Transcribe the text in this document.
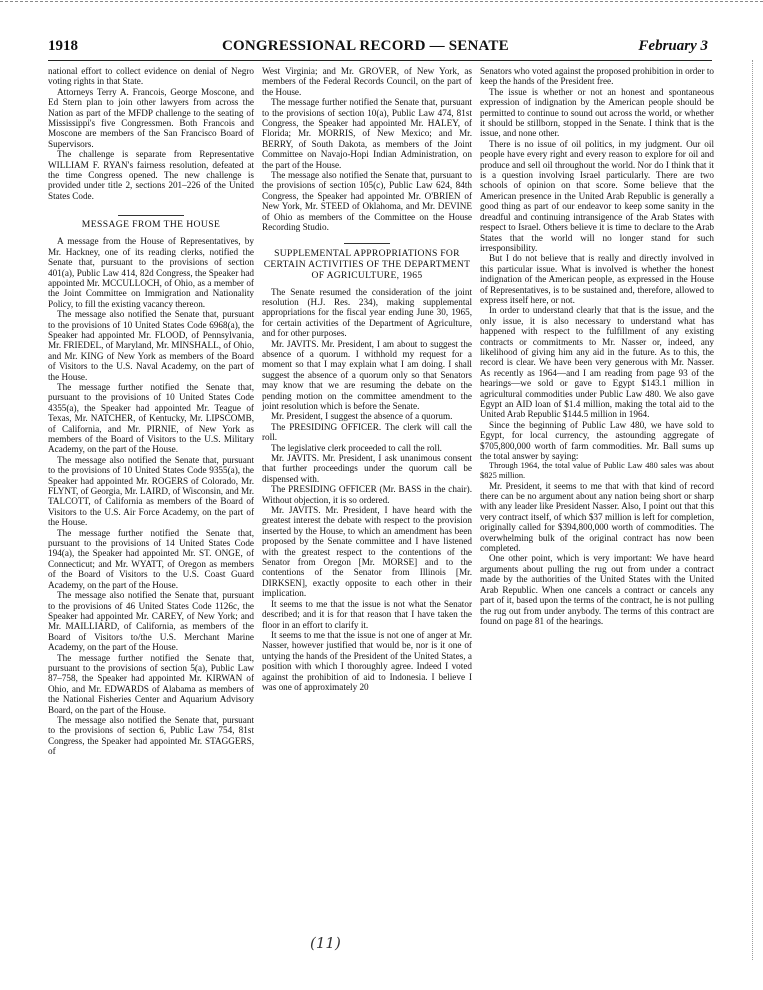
1918	CONGRESSIONAL RECORD — SENATE	February 3

national effort to collect evidence on denial of Negro voting rights in that State.

Attorneys Terry A. Francois, George Moscone, and Ed Stern plan to join other lawyers from across the Nation as part of the MFDP challenge to the seating of Mississippi's five Congressmen. Both Francois and Moscone are members of the San Francisco Board of Supervisors.

The challenge is separate from Representative WILLIAM F. RYAN's fairness resolution, defeated at the time Congress opened. The new challenge is provided under title 2, sections 201–226 of the United States Code.

MESSAGE FROM THE HOUSE

A message from the House of Representatives, by Mr. Hackney, one of its reading clerks, notified the Senate that, pursuant to the provisions of section 401(a), Public Law 414, 82d Congress, the Speaker had appointed Mr. MCCULLOCH, of Ohio, as a member of the Joint Committee on Immigration and Nationality Policy, to fill the existing vacancy thereon.

The message also notified the Senate that, pursuant to the provisions of 10 United States Code 6968(a), the Speaker had appointed Mr. FLOOD, of Pennsylvania, Mr. FRIEDEL, of Maryland, Mr. MINSHALL, of Ohio, and Mr. KING of New York as members of the Board of Visitors to the U.S. Naval Academy, on the part of the House.

The message further notified the Senate that, pursuant to the provisions of 10 United States Code 4355(a), the Speaker had appointed Mr. Teague of Texas, Mr. NATCHER, of Kentucky, Mr. LIPSCOMB, of California, and Mr. PIRNIE, of New York as members of the Board of Visitors to the U.S. Military Academy, on the part of the House.

The message also notified the Senate that, pursuant to the provisions of 10 United States Code 9355(a), the Speaker had appointed Mr. ROGERS of Colorado, Mr. FLYNT, of Georgia, Mr. LAIRD, of Wisconsin, and Mr. TALCOTT, of California as members of the Board of Visitors to the U.S. Air Force Academy, on the part of the House.

The message further notified the Senate that, pursuant to the provisions of 14 United States Code 194(a), the Speaker had appointed Mr. ST. ONGE, of Connecticut; and Mr. WYATT, of Oregon as members of the Board of Visitors to the U.S. Coast Guard Academy, on the part of the House.

The message also notified the Senate that, pursuant to the provisions of 46 United States Code 1126c, the Speaker had appointed Mr. CAREY, of New York; and Mr. MAILLIARD, of California, as members of the Board of Visitors to/the U.S. Merchant Marine Academy, on the part of the House.

The message further notified the Senate that, pursuant to the provisions of section 5(a), Public Law 87–758, the Speaker had appointed Mr. KIRWAN of Ohio, and Mr. EDWARDS of Alabama as members of the National Fisheries Center and Aquarium Advisory Board, on the part of the House.

The message also notified the Senate that, pursuant to the provisions of section 6, Public Law 754, 81st Congress, the Speaker had appointed Mr. STAGGERS, of

West Virginia; and Mr. GROVER, of New York, as members of the Federal Records Council, on the part of the House.

The message further notified the Senate that, pursuant to the provisions of section 10(a), Public Law 474, 81st Congress, the Speaker had appointed Mr. HALEY, of Florida; Mr. MORRIS, of New Mexico; and Mr. BERRY, of South Dakota, as members of the Joint Committee on Navajo-Hopi Indian Administration, on the part of the House.

The message also notified the Senate that, pursuant to the provisions of section 105(c), Public Law 624, 84th Congress, the Speaker had appointed Mr. O'BRIEN of New York, Mr. STEED of Oklahoma, and Mr. DEVINE of Ohio as members of the Committee on the House Recording Studio.

SUPPLEMENTAL APPROPRIATIONS FOR CERTAIN ACTIVITIES OF THE DEPARTMENT OF AGRICULTURE, 1965

The Senate resumed the consideration of the joint resolution (H.J. Res. 234), making supplemental appropriations for the fiscal year ending June 30, 1965, for certain activities of the Department of Agriculture, and for other purposes.

Mr. JAVITS. Mr. President, I am about to suggest the absence of a quorum. I withhold my request for a moment so that I may explain what I am doing. I shall suggest the absence of a quorum only so that Senators may know that we are resuming the debate on the pending motion on the committee amendment to the joint resolution which is before the Senate.

Mr. President, I suggest the absence of a quorum.

The PRESIDING OFFICER. The clerk will call the roll.

The legislative clerk proceeded to call the roll.

Mr. JAVITS. Mr. President, I ask unanimous consent that further proceedings under the quorum call be dispensed with.

The PRESIDING OFFICER (Mr. BASS in the chair). Without objection, it is so ordered.

Mr. JAVITS. Mr. President, I have heard with the greatest interest the debate with respect to the provision inserted by the House, to which an amendment has been proposed by the Senate committee and I have listened with the greatest respect to the contentions of the Senator from Oregon [Mr. MORSE] and to the contentions of the Senator from Illinois [Mr. DIRKSEN], exactly opposite to each other in their implication.

It seems to me that the issue is not what the Senator described; and it is for that reason that I have taken the floor in an effort to clarify it.

It seems to me that the issue is not one of anger at Mr. Nasser, however justified that would be, nor is it one of untying the hands of the President of the United States, a position with which I thoroughly agree. Indeed I voted against the prohibition of aid to Indonesia. I believe I was one of approximately 20

Senators who voted against the proposed prohibition in order to keep the hands of the President free.

The issue is whether or not an honest and spontaneous expression of indignation by the American people should be permitted to continue to sound out across the world, or whether it should be stillborn, stopped in the Senate. I think that is the issue, and none other.

There is no issue of oil politics, in my judgment. Our oil people have every right and every reason to explore for oil and produce and sell oil throughout the world. Nor do I think that it is a question involving Israel particularly. There are two schools of opinion on that score. Some believe that the American presence in the United Arab Republic is generally a good thing as part of our endeavor to keep some sanity in the dreadful and continuing intransigence of the Arab States with respect to Israel. Others believe it is time to declare to the Arab States that the world will no longer stand for such irresponsibility.

But I do not believe that is really and directly involved in this particular issue. What is involved is whether the honest indignation of the American people, as expressed in the House of Representatives, is to be sustained and, therefore, allowed to express itself here, or not.

In order to understand clearly that that is the issue, and the only issue, it is also necessary to understand what has happened with respect to the fulfillment of any existing contracts or commitments to Mr. Nasser or, indeed, any likelihood of giving him any aid in the future. As to this, the record is clear. We have been very generous with Mr. Nasser. As recently as 1964—and I am reading from page 93 of the hearings—we sold or gave to Egypt $143.1 million in agricultural commodities under Public Law 480. We also gave Egypt an AID loan of $1.4 million, making the total aid to the United Arab Republic $144.5 million in 1964.

Since the beginning of Public Law 480, we have sold to Egypt, for local currency, the astounding aggregate of $705,800,000 worth of farm commodities. Mr. Ball sums up the total answer by saying:

Through 1964, the total value of Public Law 480 sales was about $825 million.

Mr. President, it seems to me that with that kind of record there can be no argument about any nation being short or sharp with any leader like President Nasser. Also, I point out that this very contract itself, of which $37 million is left for completion, originally called for $394,800,000 worth of commodities. The overwhelming bulk of the original contract has now been completed.

One other point, which is very important: We have heard arguments about pulling the rug out from under a contract made by the authorities of the United States with the United Arab Republic. When one cancels a contract or cancels any part of it, based upon the terms of the contract, he is not pulling the rug out from under anybody. The terms of this contract are found on page 81 of the hearings.

(11)
